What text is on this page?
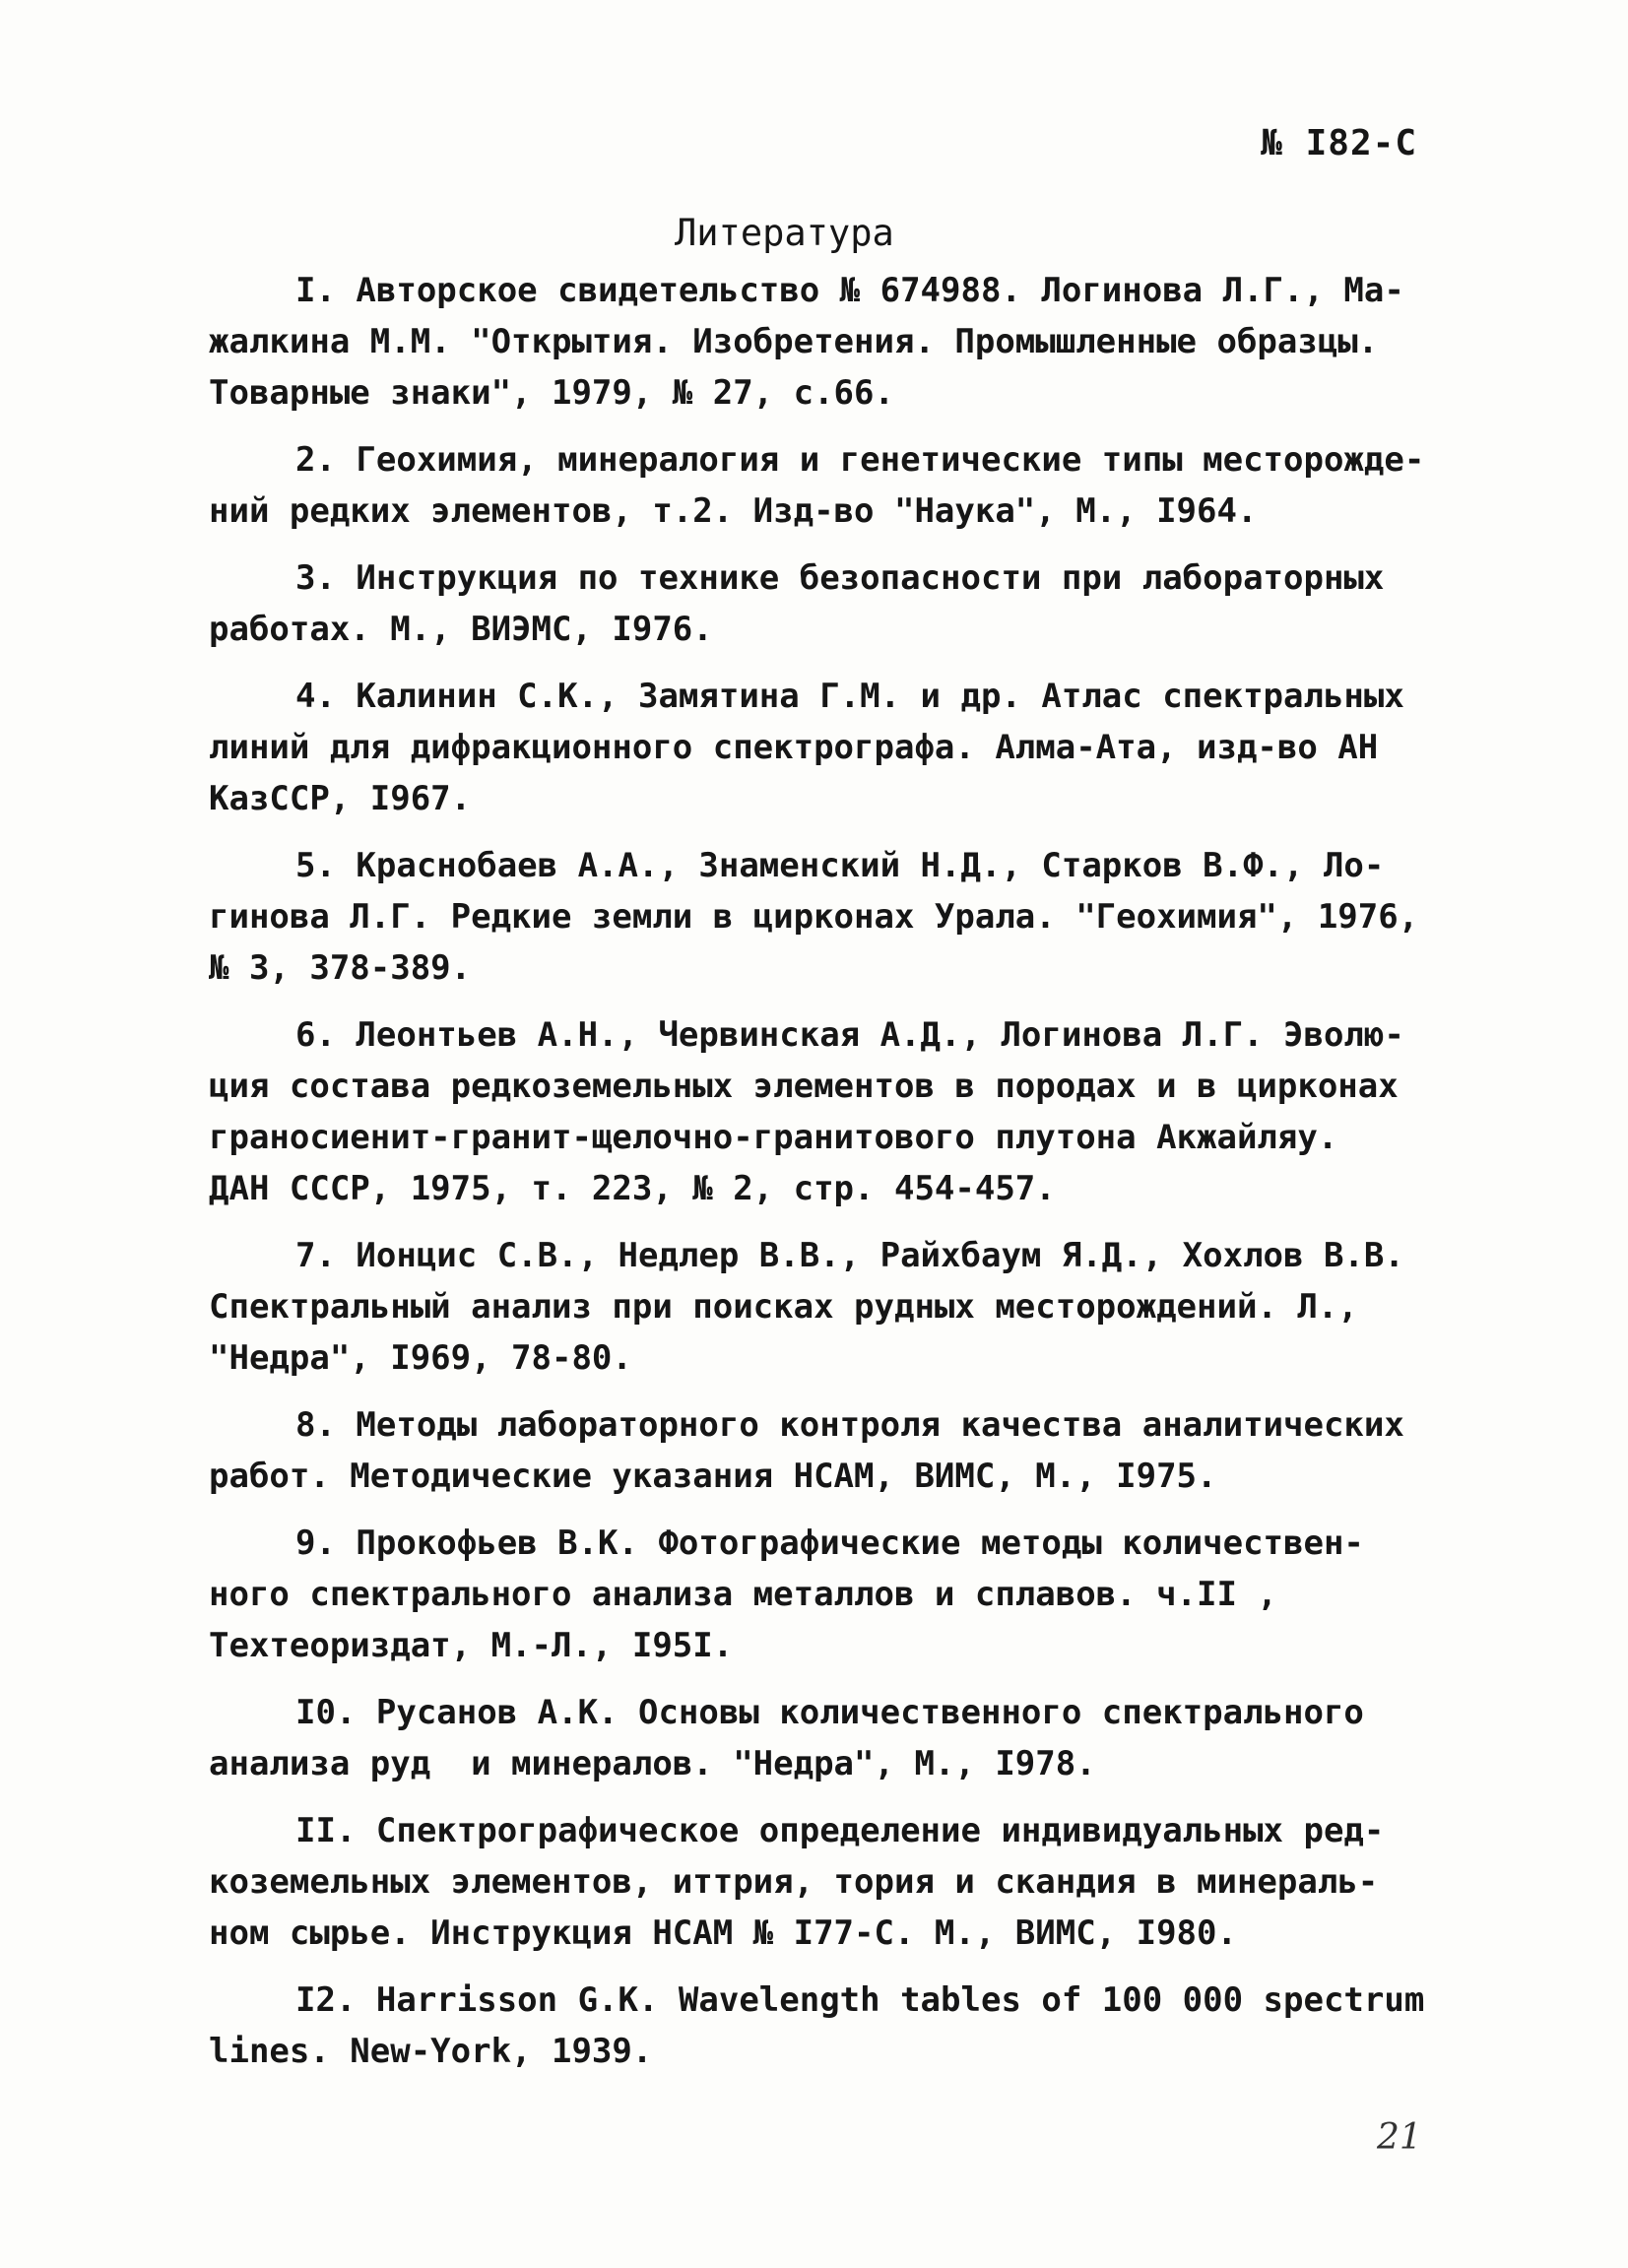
№ I82-С
Литература
I. Авторское свидетельство № 674988. Логинова Л.Г., Ма-
жалкина М.М. "Открытия. Изобретения. Промышленные образцы.
Товарные знаки", 1979, № 27, с.66.
2. Геохимия, минералогия и генетические типы месторожде-
ний редких элементов, т.2. Изд-во "Наука", М., I964.
3. Инструкция по технике безопасности при лабораторных
работах. М., ВИЭМС, I976.
4. Калинин С.К., Замятина Г.М. и др. Атлас спектральных
линий для дифракционного спектрографа. Алма-Ата, изд-во АН
КазССР, I967.
5. Краснобаев А.А., Знаменский Н.Д., Старков В.Ф., Ло-
гинова Л.Г. Редкие земли в цирконах Урала. "Геохимия", 1976,
№ 3, 378-389.
6. Леонтьев А.Н., Червинская А.Д., Логинова Л.Г. Эволю-
ция состава редкоземельных элементов в породах и в цирконах
граносиенит-гранит-щелочно-гранитового плутона Акжайляу.
ДАН СССР, 1975, т. 223, № 2, стр. 454-457.
7. Ионцис С.В., Недлер В.В., Райхбаум Я.Д., Хохлов В.В.
Спектральный анализ при поисках рудных месторождений. Л.,
"Недра", I969, 78-80.
8. Методы лабораторного контроля качества аналитических
работ. Методические указания НСАМ, ВИМС, М., I975.
9. Прокофьев В.К. Фотографические методы количествен-
ного спектрального анализа металлов и сплавов. ч.II ,
Техтеориздат, М.-Л., I95I.
I0. Русанов А.К. Основы количественного спектрального
анализа руд  и минералов. "Недра", М., I978.
II. Спектрографическое определение индивидуальных ред-
коземельных элементов, иттрия, тория и скандия в минераль-
ном сырье. Инструкция НСАМ № I77-С. М., ВИМС, I980.
I2. Harrisson G.K. Wavelength tables of 100 000 spectrum
lines. New-York, 1939.
21
